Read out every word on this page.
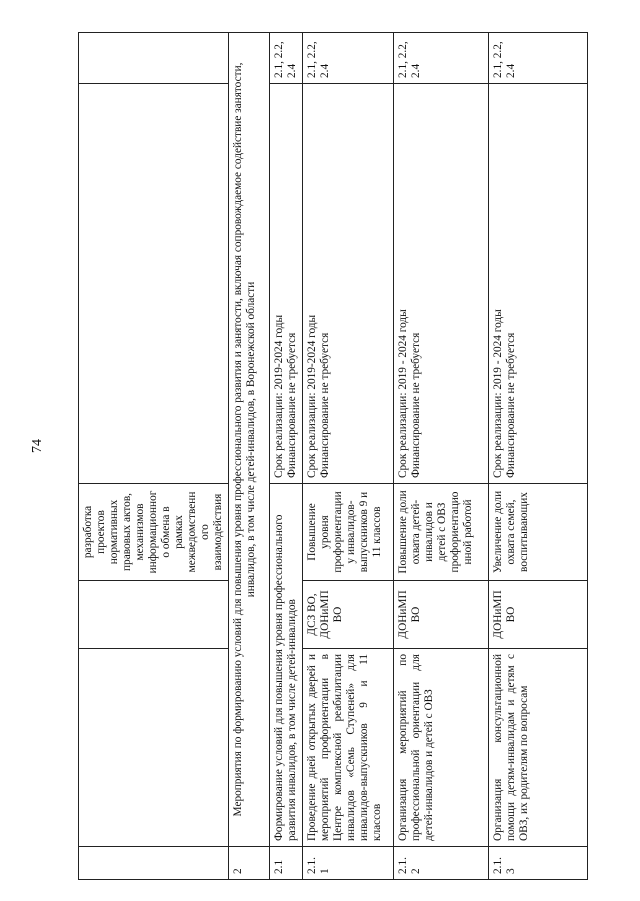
74
			разработка проектов нормативных правовых актов, механизмов информационного обмена в рамках межведомственного взаимодействия		
2	Мероприятия по формированию условий для повышения уровня профессионального развития и занятости, включая сопровождаемое содействие занятости, инвалидов, в том числе детей-инвалидов, в Воронежской области				
2.1	Формирование условий для повышения уровня профессионального развития инвалидов, в том числе детей-инвалидов			Срок реализации: 2019-2024 годы
Финансирование не требуется	2.1, 2.2, 2.4
2.1.1	Проведение дней открытых дверей и мероприятий профориентации в Центре комплексной реабилитации инвалидов «Семь Ступеней» для инвалидов-выпускников 9 и 11 классов	ДСЗ ВО, ДОНиМП ВО	Повышение уровня профориентации у инвалидов-выпускников 9 и 11 классов	Срок реализации: 2019-2024 годы
Финансирование не требуется	2.1, 2.2, 2.4
2.1.2	Организация мероприятий по профессиональной ориентации для детей-инвалидов и детей с ОВЗ	ДОНиМП ВО	Повышение доли охвата детей-инвалидов и детей с ОВЗ профориентационной работой	Срок реализации: 2019 - 2024 годы
Финансирование не требуется	2.1, 2.2, 2.4
2.1.3	Организация консультационной помощи детям-инвалидам и детям с ОВЗ, их родителям по вопросам	ДОНиМП ВО	Увеличение доли охвата семей, воспитывающих	Срок реализации: 2019 - 2024 годы
Финансирование не требуется	2.1, 2.2, 2.4
